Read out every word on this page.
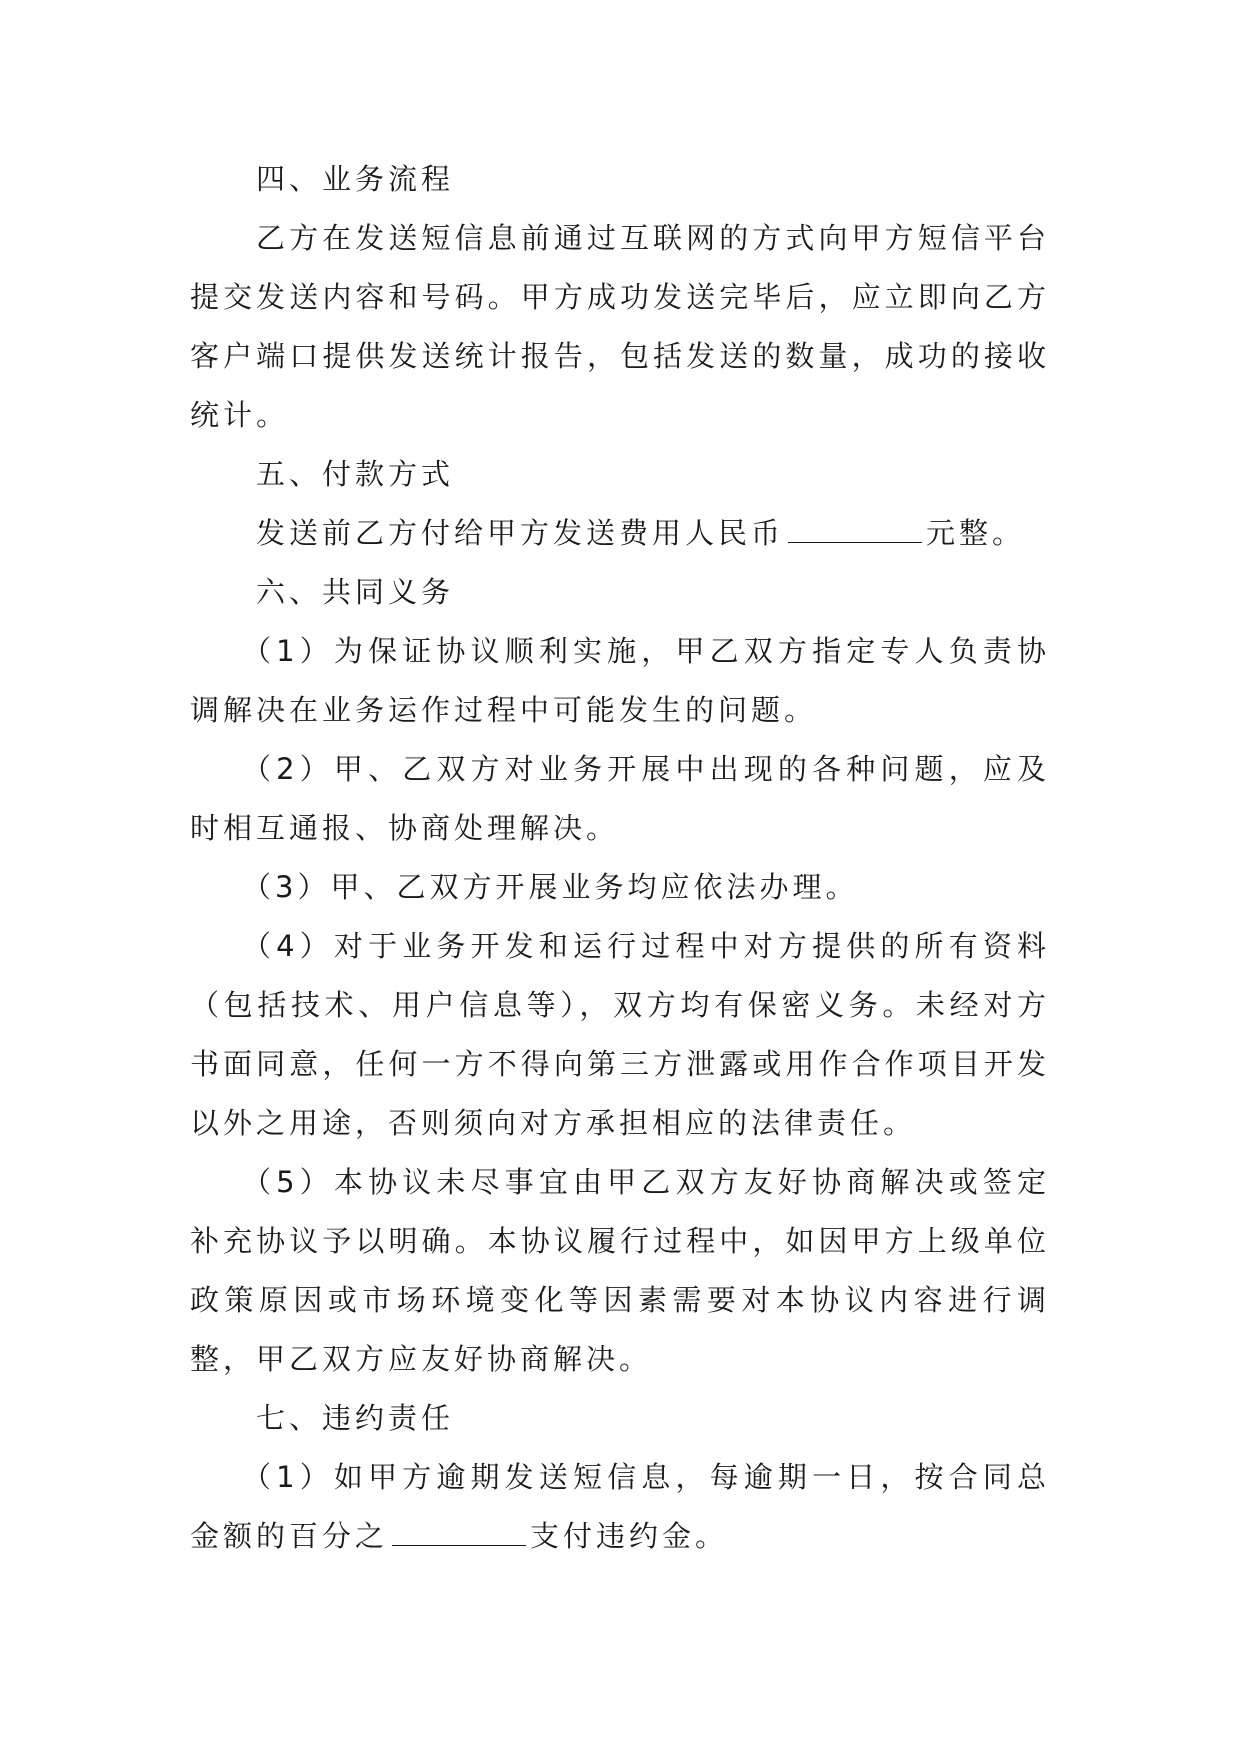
四、业务流程
乙方在发送短信息前通过互联网的方式向甲方短信平台提交发送内容和号码。甲方成功发送完毕后，应立即向乙方客户端口提供发送统计报告，包括发送的数量，成功的接收统计。
五、付款方式
发送前乙方付给甲方发送费用人民币	元整。
六、共同义务
（1）为保证协议顺利实施，甲乙双方指定专人负责协调解决在业务运作过程中可能发生的问题。
（2）甲、乙双方对业务开展中出现的各种问题，应及时相互通报、协商处理解决。
（3）甲、乙双方开展业务均应依法办理。
（4）对于业务开发和运行过程中对方提供的所有资料（包括技术、用户信息等），双方均有保密义务。未经对方书面同意，任何一方不得向第三方泄露或用作合作项目开发以外之用途，否则须向对方承担相应的法律责任。
（5）本协议未尽事宜由甲乙双方友好协商解决或签定补充协议予以明确。本协议履行过程中，如因甲方上级单位政策原因或市场环境变化等因素需要对本协议内容进行调整，甲乙双方应友好协商解决。
七、违约责任
（1）如甲方逾期发送短信息，每逾期一日，按合同总金额的百分之	支付违约金。
